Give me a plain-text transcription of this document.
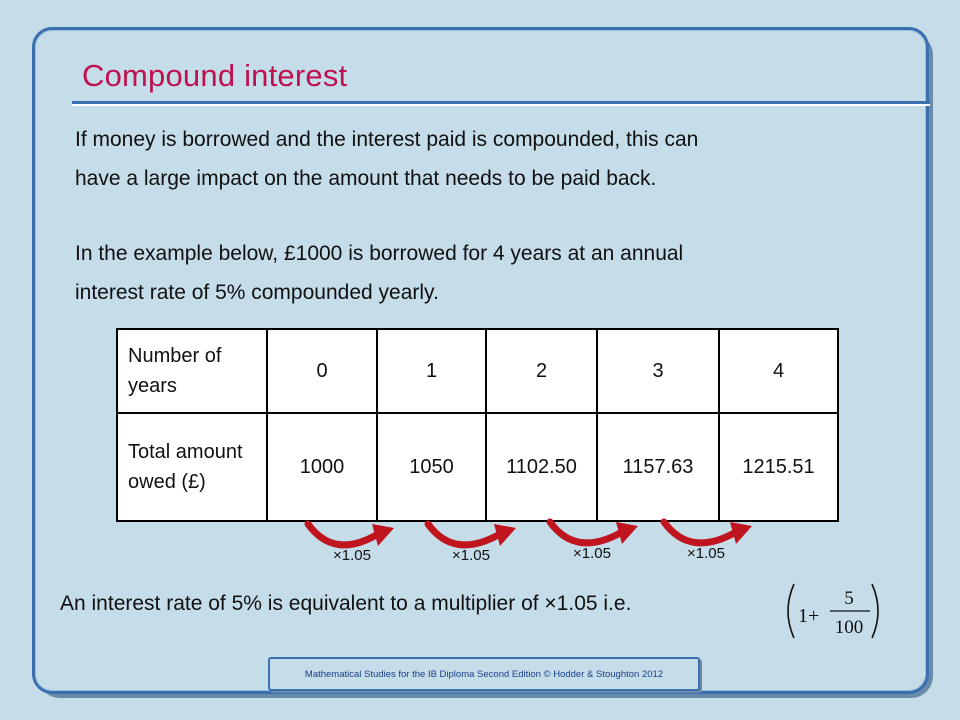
Compound interest
If money is borrowed and the interest paid is compounded, this can
have a large impact on the amount that needs to be paid back.
In the example below, £1000 is borrowed for 4 years at an annual
interest rate of 5% compounded yearly.
Number of years	0	1	2	3	4
Total amount owed (£)	1000	1050	1102.50	1157.63	1215.51
×1.05	×1.05	×1.05	×1.05
An interest rate of 5% is equivalent to a multiplier of ×1.05 i.e.
1+
5
100
Mathematical Studies for the IB Diploma Second Edition © Hodder & Stoughton 2012
